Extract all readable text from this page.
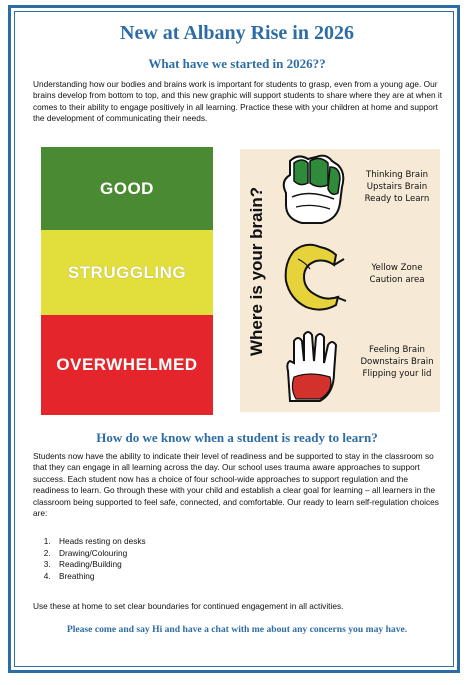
New at Albany Rise in 2026
What have we started in 2026??
Understanding how our bodies and brains work is important for students to grasp, even from a young age. Our brains develop from bottom to top, and this new graphic will support students to share where they are at when it comes to their ability to engage positively in all learning. Practice these with your children at home and support the development of communicating their needs.
GOOD
STRUGGLING
OVERWHELMED
Where is your brain?
Thinking Brain
Upstairs Brain
Ready to Learn
Yellow Zone
Caution area
Feeling Brain
Downstairs Brain
Flipping your lid
How do we know when a student is ready to learn?
Students now have the ability to indicate their level of readiness and be supported to stay in the classroom so that they can engage in all learning across the day. Our school uses trauma aware approaches to support success. Each student now has a choice of four school-wide approaches to support regulation and the readiness to learn. Go through these with your child and establish a clear goal for learning – all learners in the classroom being supported to feel safe, connected, and comfortable. Our ready to learn self-regulation choices are:
1. Heads resting on desks
2. Drawing/Colouring
3. Reading/Building
4. Breathing
Use these at home to set clear boundaries for continued engagement in all activities.
Please come and say Hi and have a chat with me about any concerns you may have.
